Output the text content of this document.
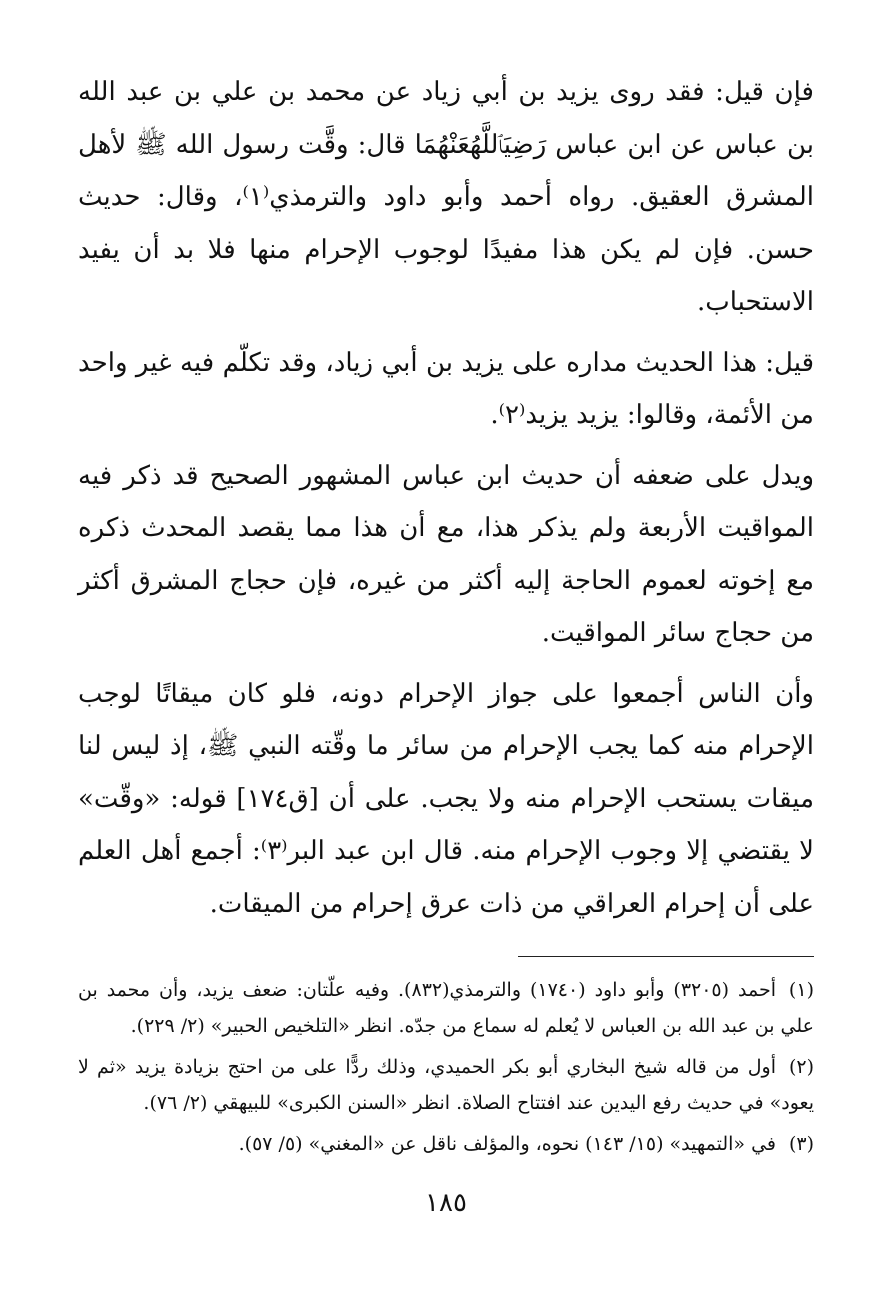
فإن قيل: فقد روى يزيد بن أبي زياد عن محمد بن علي بن عبد الله بن عباس عن ابن عباس رَضِيَٱللَّهُعَنْهُمَا قال: وقَّت رسول الله ﷺ لأهل المشرق العقيق. رواه أحمد وأبو داود والترمذي⁽١⁾، وقال: حديث حسن. فإن لم يكن هذا مفيدًا لوجوب الإحرام منها فلا بد أن يفيد الاستحباب.

قيل: هذا الحديث مداره على يزيد بن أبي زياد، وقد تكلّم فيه غير واحد من الأئمة، وقالوا: يزيد يزيد⁽٢⁾.

ويدل على ضعفه أن حديث ابن عباس المشهور الصحيح قد ذكر فيه المواقيت الأربعة ولم يذكر هذا، مع أن هذا مما يقصد المحدث ذكره مع إخوته لعموم الحاجة إليه أكثر من غيره، فإن حجاج المشرق أكثر من حجاج سائر المواقيت.

وأن الناس أجمعوا على جواز الإحرام دونه، فلو كان ميقاتًا لوجب الإحرام منه كما يجب الإحرام من سائر ما وقّته النبي ﷺ، إذ ليس لنا ميقات يستحب الإحرام منه ولا يجب. على أن [ق١٧٤] قوله: «وقّت» لا يقتضي إلا وجوب الإحرام منه. قال ابن عبد البر⁽٣⁾: أجمع أهل العلم على أن إحرام العراقي من ذات عرق إحرام من الميقات.

(١)أحمد (٣٢٠٥) وأبو داود (١٧٤٠) والترمذي(٨٣٢). وفيه علّتان: ضعف يزيد، وأن محمد بن علي بن عبد الله بن العباس لا يُعلم له سماع من جدّه. انظر «التلخيص الحبير» (٢/ ٢٢٩).

(٢)أول من قاله شيخ البخاري أبو بكر الحميدي، وذلك ردًّا على من احتج بزيادة يزيد «ثم لا يعود» في حديث رفع اليدين عند افتتاح الصلاة. انظر «السنن الكبرى» للبيهقي (٢/ ٧٦).

(٣)في «التمهيد» (١٥/ ١٤٣) نحوه، والمؤلف ناقل عن «المغني» (٥/ ٥٧).

١٨٥
